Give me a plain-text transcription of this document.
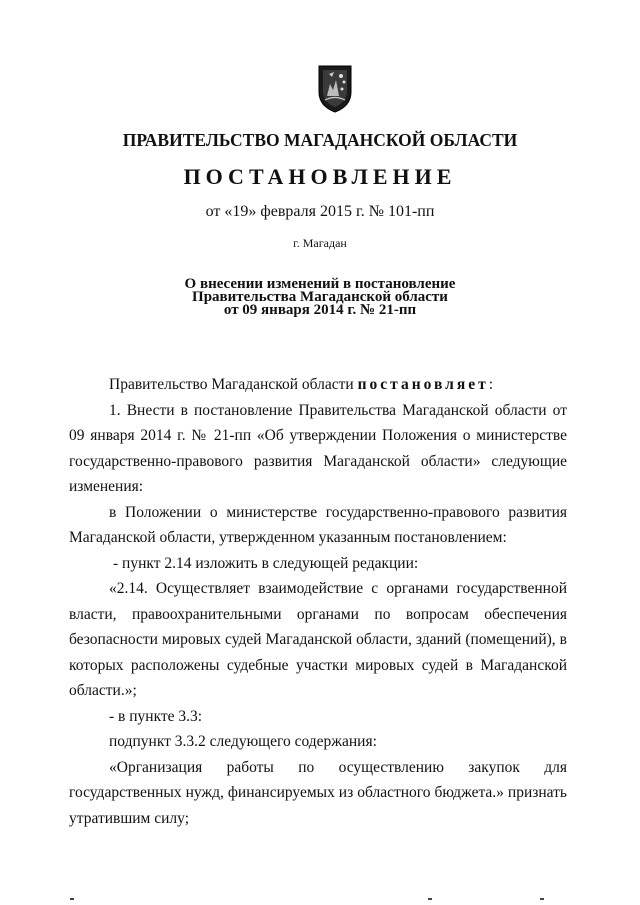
ПРАВИТЕЛЬСТВО МАГАДАНСКОЙ ОБЛАСТИ
ПОСТАНОВЛЕНИЕ
от «19» февраля 2015 г. № 101-пп
г. Магадан
О внесении изменений в постановление
Правительства Магаданской области
от 09 января 2014 г. № 21-пп
Правительство Магаданской области постановляет:
1. Внести в постановление Правительства Магаданской области от 09 января 2014 г. № 21-пп «Об утверждении Положения о министерстве государственно-правового развития Магаданской области» следующие изменения:
в Положении о министерстве государственно-правового развития Магаданской области, утвержденном указанным постановлением:
- пункт 2.14 изложить в следующей редакции:
«2.14. Осуществляет взаимодействие с органами государственной власти, правоохранительными органами по вопросам обеспечения безопасности мировых судей Магаданской области, зданий (помещений), в которых расположены судебные участки мировых судей в Магаданской области.»;
- в пункте 3.3:
подпункт 3.3.2 следующего содержания:
«Организация работы по осуществлению закупок для государственных нужд, финансируемых из областного бюджета.» признать утратившим силу;
